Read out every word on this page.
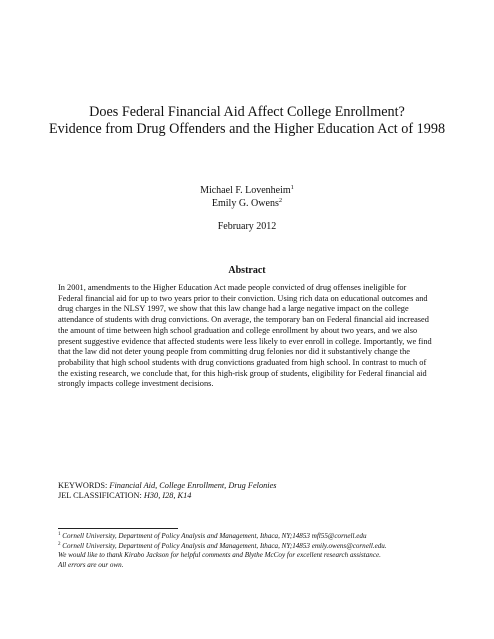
Does Federal Financial Aid Affect College Enrollment?
Evidence from Drug Offenders and the Higher Education Act of 1998
Michael F. Lovenheim$^1$
Emily G. Owens$^2$
February 2012
Abstract
In 2001, amendments to the Higher Education Act made people convicted of drug offenses ineligible for Federal financial aid for up to two years prior to their conviction. Using rich data on educational outcomes and drug charges in the NLSY 1997, we show that this law change had a large negative impact on the college attendance of students with drug convictions. On average, the temporary ban on Federal financial aid increased the amount of time between high school graduation and college enrollment by about two years, and we also present suggestive evidence that affected students were less likely to ever enroll in college. Importantly, we find that the law did not deter young people from committing drug felonies nor did it substantively change the probability that high school students with drug convictions graduated from high school. In contrast to much of the existing research, we conclude that, for this high-risk group of students, eligibility for Federal financial aid strongly impacts college investment decisions.
KEYWORDS: Financial Aid, College Enrollment, Drug Felonies
JEL CLASSIFICATION: H30, I28, K14
$^1$ Cornell University, Department of Policy Analysis and Management, Ithaca, NY;14853 mfl55@cornell.edu
$^2$ Cornell University, Department of Policy Analysis and Management, Ithaca, NY;14853 emily.owens@cornell.edu.
We would like to thank Kirabo Jackson for helpful comments and Blythe McCoy for excellent research assistance.
All errors are our own.
